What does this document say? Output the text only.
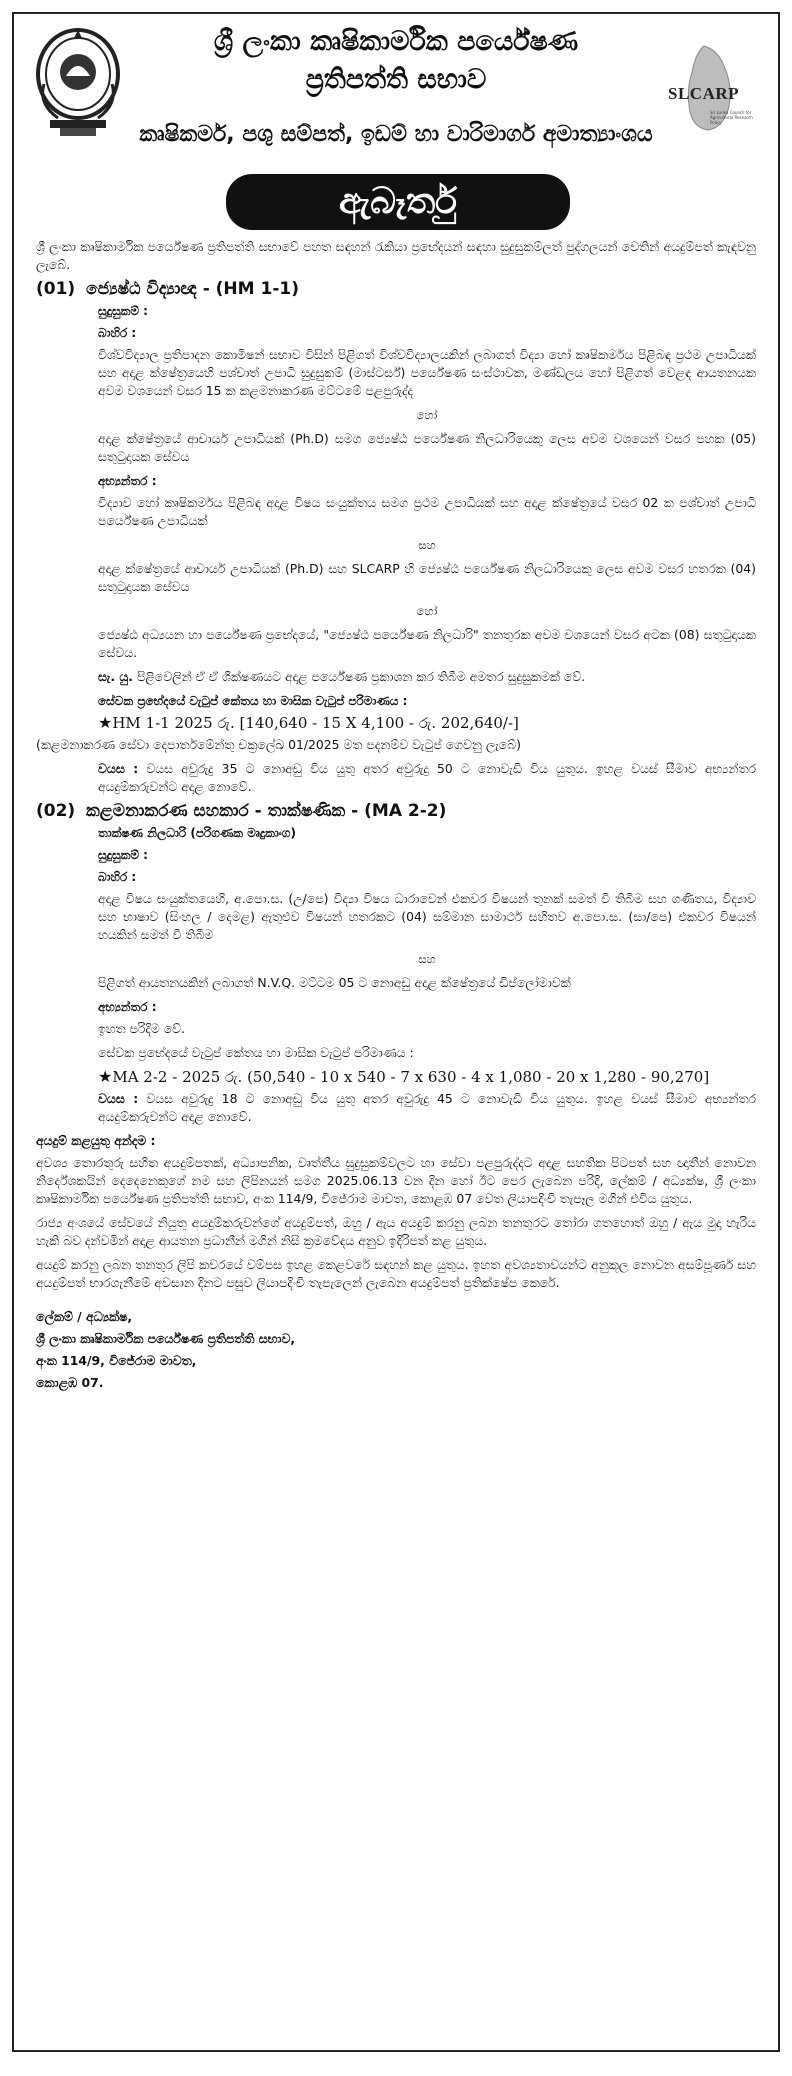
ශ්‍රී ලංකා කෘෂිකාර්මික පර්යේෂණ
ප්‍රතිපත්ති සභාව	SLCARP
Sri Lanka Council for Agricultural Research Policy
කෘෂිකර්ම, පශු සම්පත්, ඉඩම් හා වාරිමාර්ග අමාත්‍යාංශය
ඇබෑර්තු

ශ්‍රී ලංකා කෘෂිකාර්මික පර්යේෂණ ප්‍රතිපත්ති සභාවේ පහත සඳහන් රැකියා ප්‍රභේදයන් සඳහා සුදුසුකම්ලත් පුද්ගලයන් වෙතින් අයදුම්පත් කැඳවනු ලැබේ.

(01) ජ්‍යෙෂ්ඨ විද්‍යාඥ - (HM 1-1)
සුදුසුකම් :
බාහිර :

විශ්වවිද්‍යාල ප්‍රතිපාදන කොමිෂන් සභාව විසින් පිළිගත් විශ්වවිද්‍යාලයකින් ලබාගත් විද්‍යා හෝ කෘෂිකර්මය පිළිබඳ ප්‍රථම උපාධියක් සහ අදාළ ක්ෂේත්‍රයෙහි පශ්චාත් උපාධි සුදුසුකම් (මාස්ටර්ස්) පර්යේෂණ සංස්ථාවක, මණ්ඩලය හෝ පිළිගත් වෙළඳ ආයතනයක අවම වශයෙන් වසර 15 ක කළමනාකරණ මට්ටමේ පළපුරුද්ද

හෝ

අදාළ ක්ෂේත්‍රයේ ආචාර්ය උපාධියක් (Ph.D) සමග ජ්‍යෙෂ්ඨ පර්යේෂණ නිලධාරියෙකු ලෙස අවම වශයෙන් වසර පහක (05) සතුටුදායක සේවය

අභ්‍යන්තර :

විද්‍යාව හෝ කෘෂිකර්මය පිළිබඳ අදාළ විෂය සංයුක්තය සමග ප්‍රථම උපාධියක් සහ අදාළ ක්ෂේත්‍රයේ වසර 02 ක පශ්චාත් උපාධි පර්යේෂණ උපාධියක්

සහ

අදාළ ක්ෂේත්‍රයේ ආචාර්ය උපාධියක් (Ph.D) සහ SLCARP හි ජ්‍යෙෂ්ඨ පර්යේෂණ නිලධාරියෙකු ලෙස අවම වසර හතරක (04) සතුටුදායක සේවය

හෝ

ජ්‍යෙෂ්ඨ අධ්‍යයන හා පර්යේෂණ ප්‍රභේදයේ, "ජ්‍යෙෂ්ඨ පර්යේෂණ නිලධාරි" තනතුරක අවම වශයෙන් වසර අටක (08) සතුටුදායක සේවය.

සැ. යු. පිළිවෙලින් ඒ ඒ ශික්ෂණයට අදාළ පර්යේෂණ ප්‍රකාශන කර තිබීම අමතර සුදුසුකමක් වේ.

සේවක ප්‍රභේදයේ වැටුප් කේතය හා මාසික වැටුප් පරිමාණය :
★HM 1-1 2025 රු. [140,640 - 15 X 4,100 - රු. 202,640/-]

(කළමනාකරණ සේවා දෙපාර්තමේන්තු චක්‍රලේඛ 01/2025 මත පදනම්ව වැටුප් ගෙවනු ලැබේ)

වයස : වයස අවුරුදු 35 ට නොඅඩු විය යුතු අතර අවුරුදු 50 ට නොවැඩි විය යුතුය. ඉහළ වයස් සීමාව අභ්‍යන්තර අයදුම්කරුවන්ට අදාළ නොවේ.

(02) කළමනාකරණ සහකාර - තාක්ෂණික - (MA 2-2)
තාක්ෂණ නිලධාරි (පරිගණක මෘදුකාංග)
සුදුසුකම් :
බාහිර :

අදාළ විෂය සංයුක්තයෙහි, අ.පො.ස. (උ/පෙ) විද්‍යා විෂය ධාරාවෙන් එකවර විෂයන් තුනක් සමත් වී තිබීම සහ ගණිතය, විද්‍යාව සහ භාෂාව (සිංහල / දෙමළ) ඇතුළුව විෂයන් හතරකට (04) සම්මාන සාමාර්ථ සහිතව අ.පො.ස. (සා/පෙ) එකවර විෂයන් හයකින් සමත් වී තිබීම

සහ

පිළිගත් ආයතනයකින් ලබාගත් N.V.Q. මට්ටම 05 ට නොඅඩු අදාළ ක්ෂේත්‍රයේ ඩිප්ලෝමාවක්

අභ්‍යන්තර :

ඉහත පරිදිම වේ.

සේවක ප්‍රභේදයේ වැටුප් කේතය හා මාසික වැටුප් පරිමාණය :
★MA 2-2 - 2025 රු. (50,540 - 10 x 540 - 7 x 630 - 4 x 1,080 - 20 x 1,280 - 90,270]

වයස : වයස අවුරුදු 18 ට නොඅඩු විය යුතු අතර අවුරුදු 45 ට නොවැඩි විය යුතුය. ඉහළ වයස් සීමාව අභ්‍යන්තර අයදුම්කරුවන්ට අදාළ නොවේ.

අයදුම් කළයුතු අන්දම :

අවශ්‍ය තොරතුරු සහිත අයදුම්පතක්, අධ්‍යාපනික, වෘත්තීය සුදුසුකම්වලට හා සේවා පළපුරුද්දට අදාළ සහතික පිටපත් සහ ඥාතීන් නොවන නිර්දේශකයින් දෙදෙනෙකුගේ නම සහ ලිපිනයන් සමග 2025.06.13 වන දින හෝ ඊට පෙර ලැබෙන පරිදි, ලේකම් / අධ්‍යක්ෂ, ශ්‍රී ලංකා කෘෂිකාර්මික පර්යේෂණ ප්‍රතිපත්ති සභාව, අංක 114/9, විජේරාම මාවත, කොළඹ 07 වෙත ලියාපදිංචි තැපෑල මගින් එවිය යුතුය.

රාජ්‍ය අංශයේ සේවයේ නියුතු අයදුම්කරුවන්ගේ අයදුම්පත්, ඔහු / ඇය අයදුම් කරනු ලබන තනතුරට තෝරා ගතහොත් ඔහු / ඇය මුදා හැරිය හැකි බව දන්වමින් අදාළ ආයතන ප්‍රධානීන් මගින් නිසි ක්‍රමවේදය අනුව ඉදිරිපත් කළ යුතුය.

අයදුම් කරනු ලබන තනතුර ලිපි කවරයේ වම්පස ඉහළ කෙළවරේ සඳහන් කළ යුතුය. ඉහත අවශ්‍යතාවයන්ට අනුකූල නොවන අසම්පූර්ණ සහ අයදුම්පත් භාරගැනීමේ අවසාන දිනට පසුව ලියාපදිංචි තැපැලෙන් ලැබෙන අයදුම්පත් ප්‍රතික්ෂේප කෙරේ.

ලේකම් / අධ්‍යක්ෂ,

ශ්‍රී ලංකා කෘෂිකාර්මික පර්යේෂණ ප්‍රතිපත්ති සභාව,

අංක 114/9, විජේරාම මාවත,

කොළඹ 07.
